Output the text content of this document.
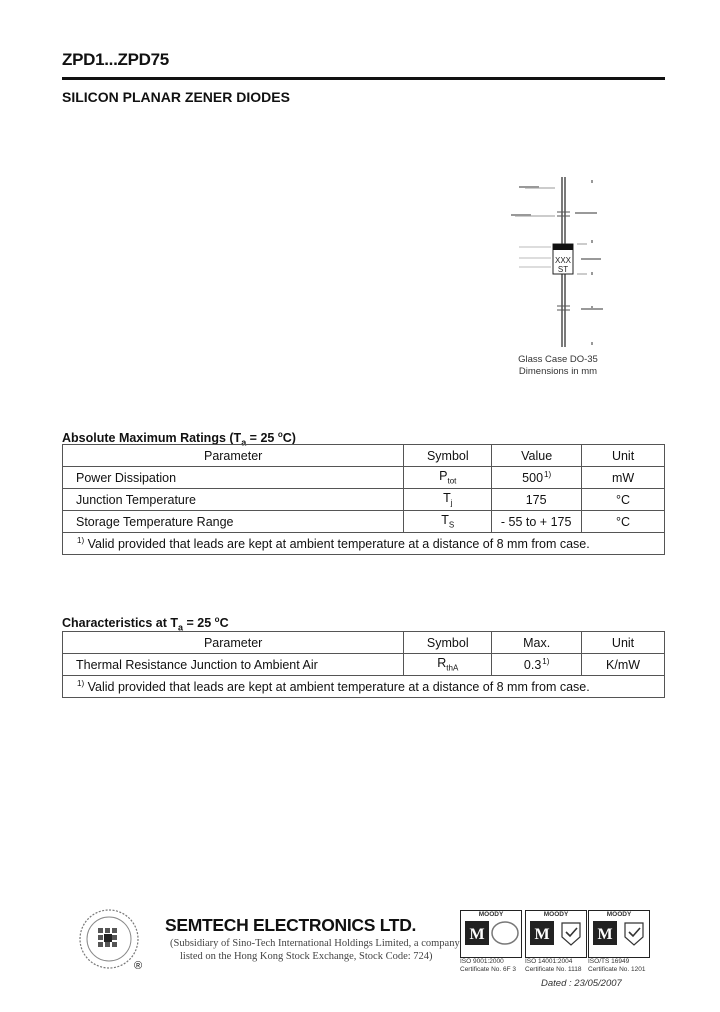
ZPD1...ZPD75
SILICON PLANAR ZENER DIODES
XXX
ST
Glass Case DO-35
Dimensions in mm
Absolute Maximum Ratings ($T_a = 25$ $^o$C)
Parameter	Symbol	Value	Unit
Power Dissipation	$P_{tot}$	500$^{1)}$	mW
Junction Temperature	$T_j$	175	°C
Storage Temperature Range	$T_S$	- 55 to + 175	°C
$^{1)}$ Valid provided that leads are kept at ambient temperature at a distance of 8 mm from case.			
Characteristics at $T_a = 25$ $^o$C
Parameter	Symbol	Max.	Unit
Thermal Resistance Junction to Ambient Air	$R_{thA}$	0.3$^{1)}$	K/mW
$^{1)}$ Valid provided that leads are kept at ambient temperature at a distance of 8 mm from case.			
®
SEMTECH ELECTRONICS LTD.
(Subsidiary of Sino-Tech International Holdings Limited, a company
listed on the Hong Kong Stock Exchange, Stock Code: 724)
MOODY
M
ISO 9001:2000
Certificate No. 6F 3
MOODY
M
ISO 14001:2004
Certificate No. 1118
MOODY
M
ISO/TS 16949
Certificate No. 1201
Dated : 23/05/2007
